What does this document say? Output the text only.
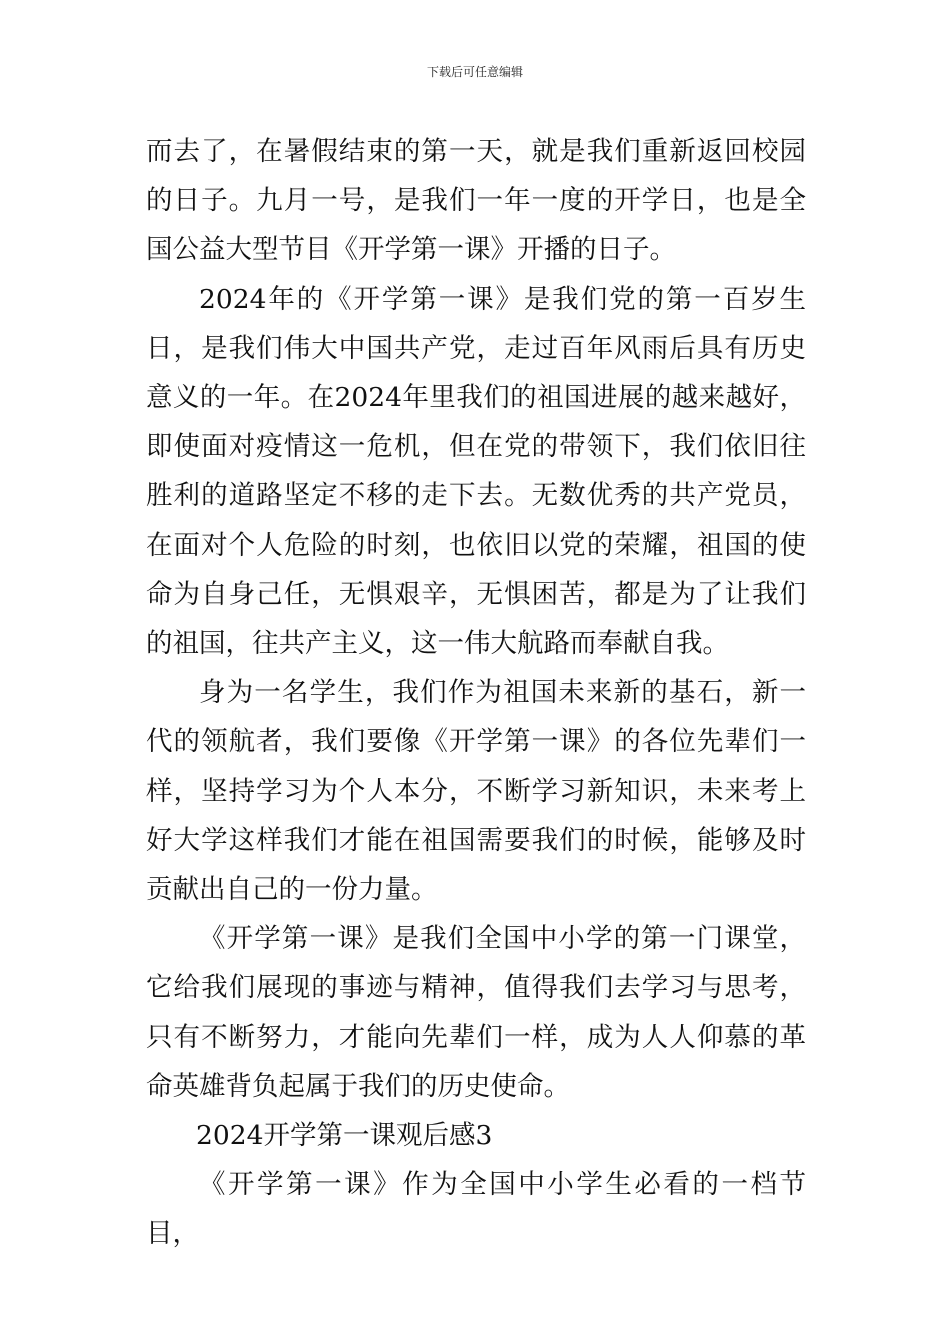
下载后可任意编辑

而去了，在暑假结束的第一天，就是我们重新返回校园的日子。九月一号，是我们一年一度的开学日，也是全国公益大型节目《开学第一课》开播的日子。

2024年的《开学第一课》是我们党的第一百岁生日，是我们伟大中国共产党，走过百年风雨后具有历史意义的一年。在2024年里我们的祖国进展的越来越好，即使面对疫情这一危机，但在党的带领下，我们依旧往胜利的道路坚定不移的走下去。无数优秀的共产党员，在面对个人危险的时刻，也依旧以党的荣耀，祖国的使命为自身己任，无惧艰辛，无惧困苦，都是为了让我们的祖国，往共产主义，这一伟大航路而奉献自我。

身为一名学生，我们作为祖国未来新的基石，新一代的领航者，我们要像《开学第一课》的各位先辈们一样，坚持学习为个人本分，不断学习新知识，未来考上好大学这样我们才能在祖国需要我们的时候，能够及时贡献出自己的一份力量。

《开学第一课》是我们全国中小学的第一门课堂，它给我们展现的事迹与精神，值得我们去学习与思考，只有不断努力，才能向先辈们一样，成为人人仰慕的革命英雄背负起属于我们的历史使命。

2024开学第一课观后感3

《开学第一课》作为全国中小学生必看的一档节目，
